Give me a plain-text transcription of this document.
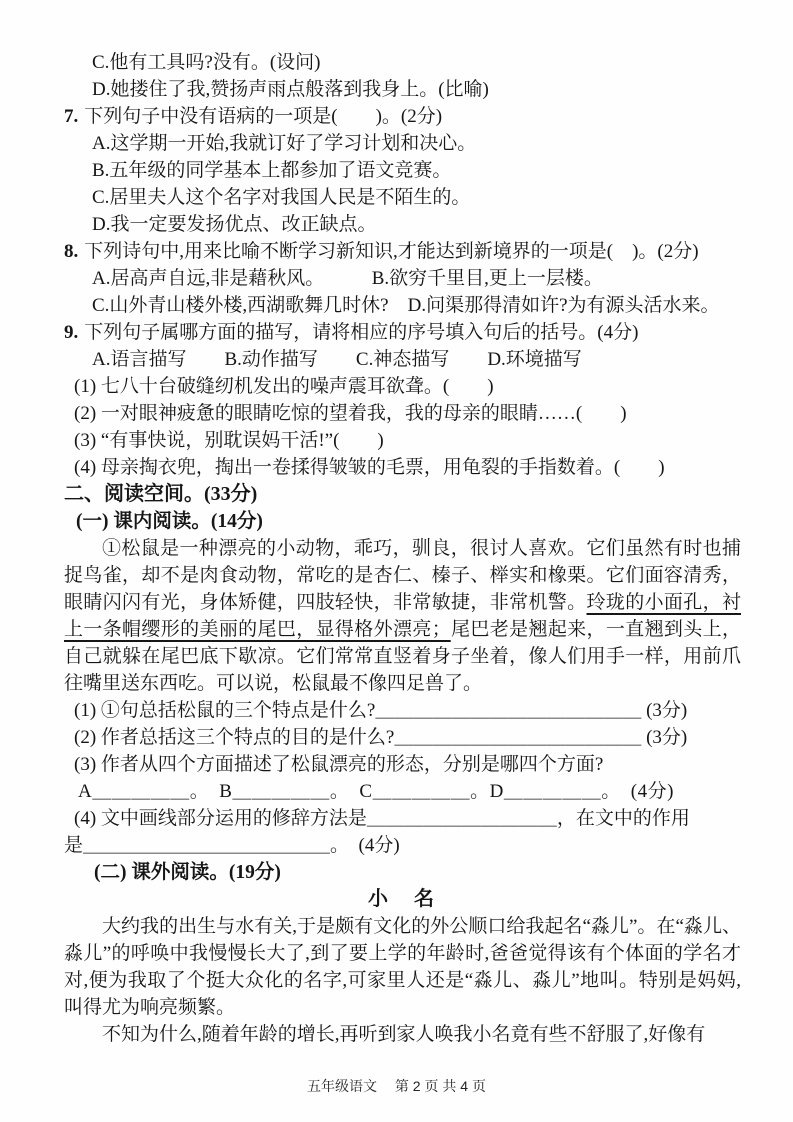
C.他有工具吗?没有。(设问)
D.她搂住了我,赞扬声雨点般落到我身上。(比喻)
7. 下列句子中没有语病的一项是(　　)。(2分)
A.这学期一开始,我就订好了学习计划和决心。
B.五年级的同学基本上都参加了语文竞赛。
C.居里夫人这个名字对我国人民是不陌生的。
D.我一定要发扬优点、改正缺点。
8. 下列诗句中,用来比喻不断学习新知识,才能达到新境界的一项是(　)。(2分)
A.居高声自远,非是藉秋风。　　　B.欲穷千里目,更上一层楼。
C.山外青山楼外楼,西湖歌舞几时休?　D.问渠那得清如许?为有源头活水来。
9. 下列句子属哪方面的描写，请将相应的序号填入句后的括号。(4分)
A.语言描写　　B.动作描写　　C.神态描写　　D.环境描写
(1) 七八十台破缝纫机发出的噪声震耳欲聋。(　　)
(2) 一对眼神疲惫的眼睛吃惊的望着我，我的母亲的眼睛……(　　)
(3) “有事快说，别耽误妈干活!”(　　)
(4) 母亲掏衣兜，掏出一卷揉得皱皱的毛票，用龟裂的手指数着。(　　)
二、阅读空间。(33分)
(一) 课内阅读。(14分)

①松鼠是一种漂亮的小动物，乖巧，驯良，很讨人喜欢。它们虽然有时也捕捉鸟雀，却不是肉食动物，常吃的是杏仁、榛子、榉实和橡栗。它们面容清秀，眼睛闪闪有光，身体矫健，四肢轻快，非常敏捷，非常机警。玲珑的小面孔，衬上一条帽缨形的美丽的尾巴，显得格外漂亮；尾巴老是翘起来，一直翘到头上，自己就躲在尾巴底下歇凉。它们常常直竖着身子坐着，像人们用手一样，用前爪往嘴里送东西吃。可以说，松鼠最不像四足兽了。

(1) ①句总括松鼠的三个特点是什么?＿＿＿＿＿＿＿＿＿＿＿＿＿＿ (3分)
(2) 作者总括这三个特点的目的是什么?＿＿＿＿＿＿＿＿＿＿＿＿＿ (3分)
(3) 作者从四个方面描述了松鼠漂亮的形态，分别是哪四个方面?
A＿＿＿＿＿。　B＿＿＿＿＿。　C＿＿＿＿＿。D＿＿＿＿＿。　(4分)
(4) 文中画线部分运用的修辞方法是＿＿＿＿＿＿＿＿＿＿，在文中的作用
是＿＿＿＿＿＿＿＿＿＿＿＿＿。　(4分)
(二) 课外阅读。(19分)
小　名

大约我的出生与水有关,于是颇有文化的外公顺口给我起名“淼儿”。在“淼儿、淼儿”的呼唤中我慢慢长大了,到了要上学的年龄时,爸爸觉得该有个体面的学名才对,便为我取了个挺大众化的名字,可家里人还是“淼儿、淼儿”地叫。特别是妈妈,叫得尤为响亮频繁。

不知为什么,随着年龄的增长,再听到家人唤我小名竟有些不舒服了,好像有

五年级语文　 第 2 页 共 4 页
